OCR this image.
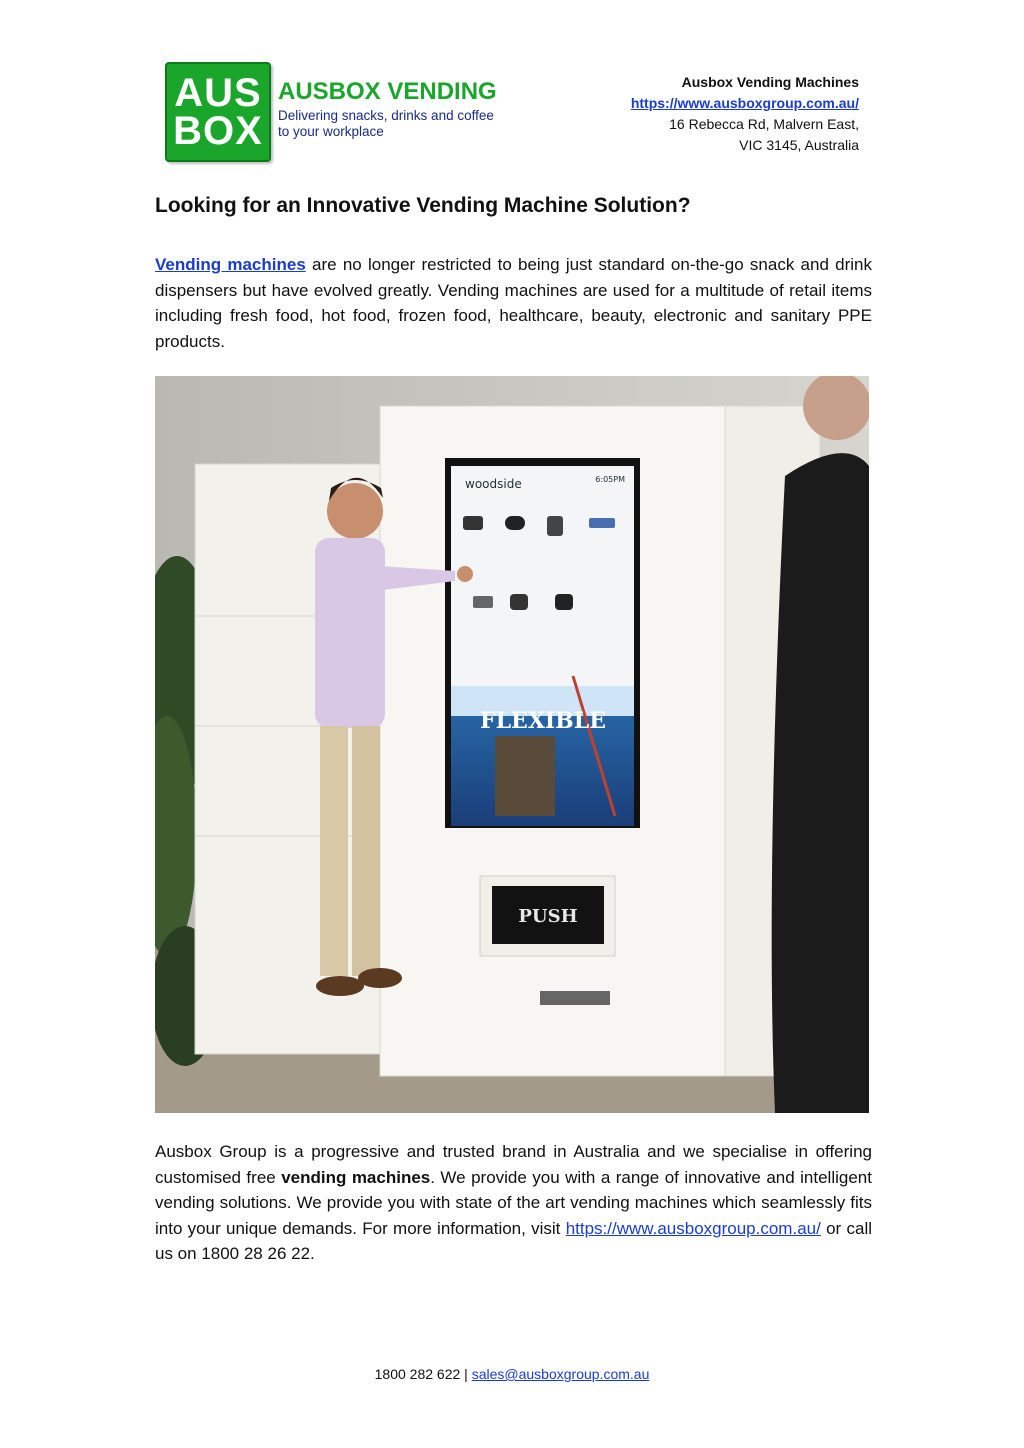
AUS
BOX
AUSBOX VENDING
Delivering snacks, drinks and coffee to your workplace
Ausbox Vending Machines
https://www.ausboxgroup.com.au/
16 Rebecca Rd, Malvern East,
VIC 3145, Australia
Looking for an Innovative Vending Machine Solution?

Vending machines are no longer restricted to being just standard on-the-go snack and drink dispensers but have evolved greatly. Vending machines are used for a multitude of retail items including fresh food, hot food, frozen food, healthcare, beauty, electronic and sanitary PPE products.

woodside	6:05PM
FLEXIBLE
PUSH

Ausbox Group is a progressive and trusted brand in Australia and we specialise in offering customised free vending machines. We provide you with a range of innovative and intelligent vending solutions. We provide you with state of the art vending machines which seamlessly fits into your unique demands. For more information, visit https://www.ausboxgroup.com.au/ or call us on 1800 28 26 22.

1800 282 622 | sales@ausboxgroup.com.au
